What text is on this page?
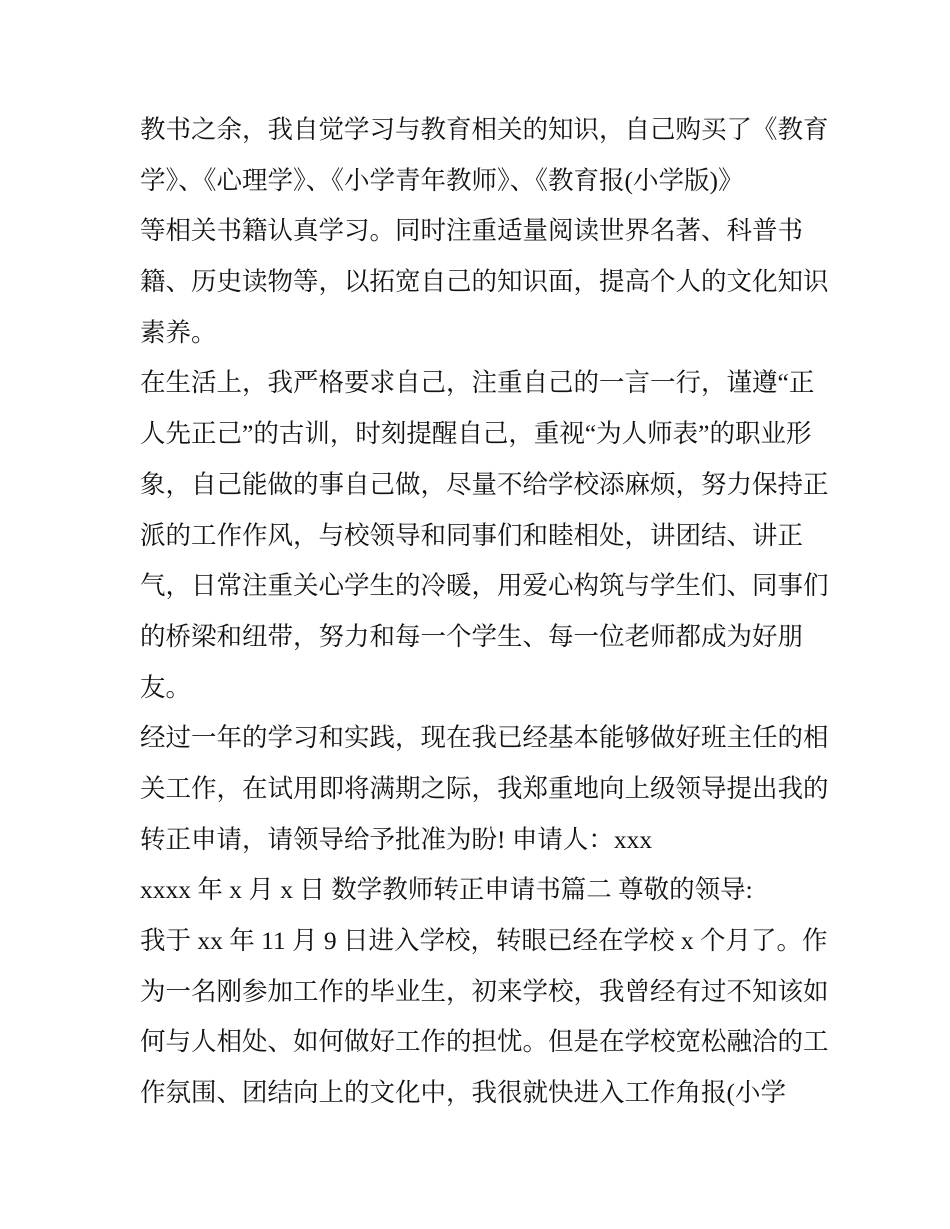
教书之余，我自觉学习与教育相关的知识，自己购买了《教育
学》、《心理学》、《小学青年教师》、《教育报(小学版)》
等相关书籍认真学习。同时注重适量阅读世界名著、科普书
籍、历史读物等，以拓宽自己的知识面，提高个人的文化知识
素养。
在生活上，我严格要求自己，注重自己的一言一行，谨遵“正
人先正己”的古训，时刻提醒自己，重视“为人师表”的职业形
象，自己能做的事自己做，尽量不给学校添麻烦，努力保持正
派的工作作风，与校领导和同事们和睦相处，讲团结、讲正
气，日常注重关心学生的冷暖，用爱心构筑与学生们、同事们
的桥梁和纽带，努力和每一个学生、每一位老师都成为好朋
友。
经过一年的学习和实践，现在我已经基本能够做好班主任的相
关工作，在试用即将满期之际，我郑重地向上级领导提出我的
转正申请，请领导给予批准为盼! 申请人：xxx
xxxx 年 x 月 x 日 数学教师转正申请书篇二 尊敬的领导:
我于 xx 年 11 月 9 日进入学校，转眼已经在学校 x 个月了。作
为一名刚参加工作的毕业生，初来学校，我曾经有过不知该如
何与人相处、如何做好工作的担忧。但是在学校宽松融洽的工
作氛围、团结向上的文化中，我很就快进入工作角报(小学
